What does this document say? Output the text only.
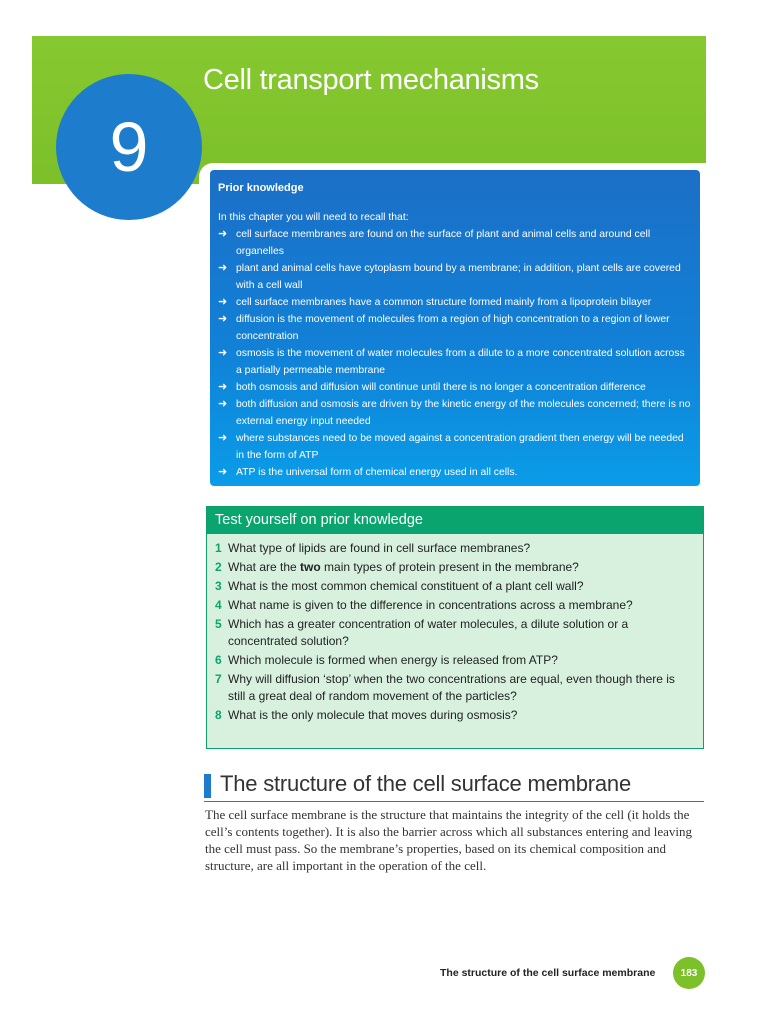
Cell transport mechanisms
9

Prior knowledge

In this chapter you will need to recall that:

➜ cell surface membranes are found on the surface of plant and animal cells and around cell organelles
➜ plant and animal cells have cytoplasm bound by a membrane; in addition, plant cells are covered with a cell wall
➜ cell surface membranes have a common structure formed mainly from a lipoprotein bilayer
➜ diffusion is the movement of molecules from a region of high concentration to a region of lower concentration
➜ osmosis is the movement of water molecules from a dilute to a more concentrated solution across a partially permeable membrane
➜ both osmosis and diffusion will continue until there is no longer a concentration difference
➜ both diffusion and osmosis are driven by the kinetic energy of the molecules concerned; there is no external energy input needed
➜ where substances need to be moved against a concentration gradient then energy will be needed in the form of ATP
➜ ATP is the universal form of chemical energy used in all cells.
Test yourself on prior knowledge
1 What type of lipids are found in cell surface membranes?
2 What are the two main types of protein present in the membrane?
3 What is the most common chemical constituent of a plant cell wall?
4 What name is given to the difference in concentrations across a membrane?
5 Which has a greater concentration of water molecules, a dilute solution or a concentrated solution?
6 Which molecule is formed when energy is released from ATP?
7 Why will diffusion ‘stop’ when the two concentrations are equal, even though there is still a great deal of random movement of the particles?
8 What is the only molecule that moves during osmosis?
The structure of the cell surface membrane

The cell surface membrane is the structure that maintains the integrity of the cell (it holds the cell’s contents together). It is also the barrier across which all substances entering and leaving the cell must pass. So the membrane’s properties, based on its chemical composition and structure, are all important in the operation of the cell.

The structure of the cell surface membrane	183
